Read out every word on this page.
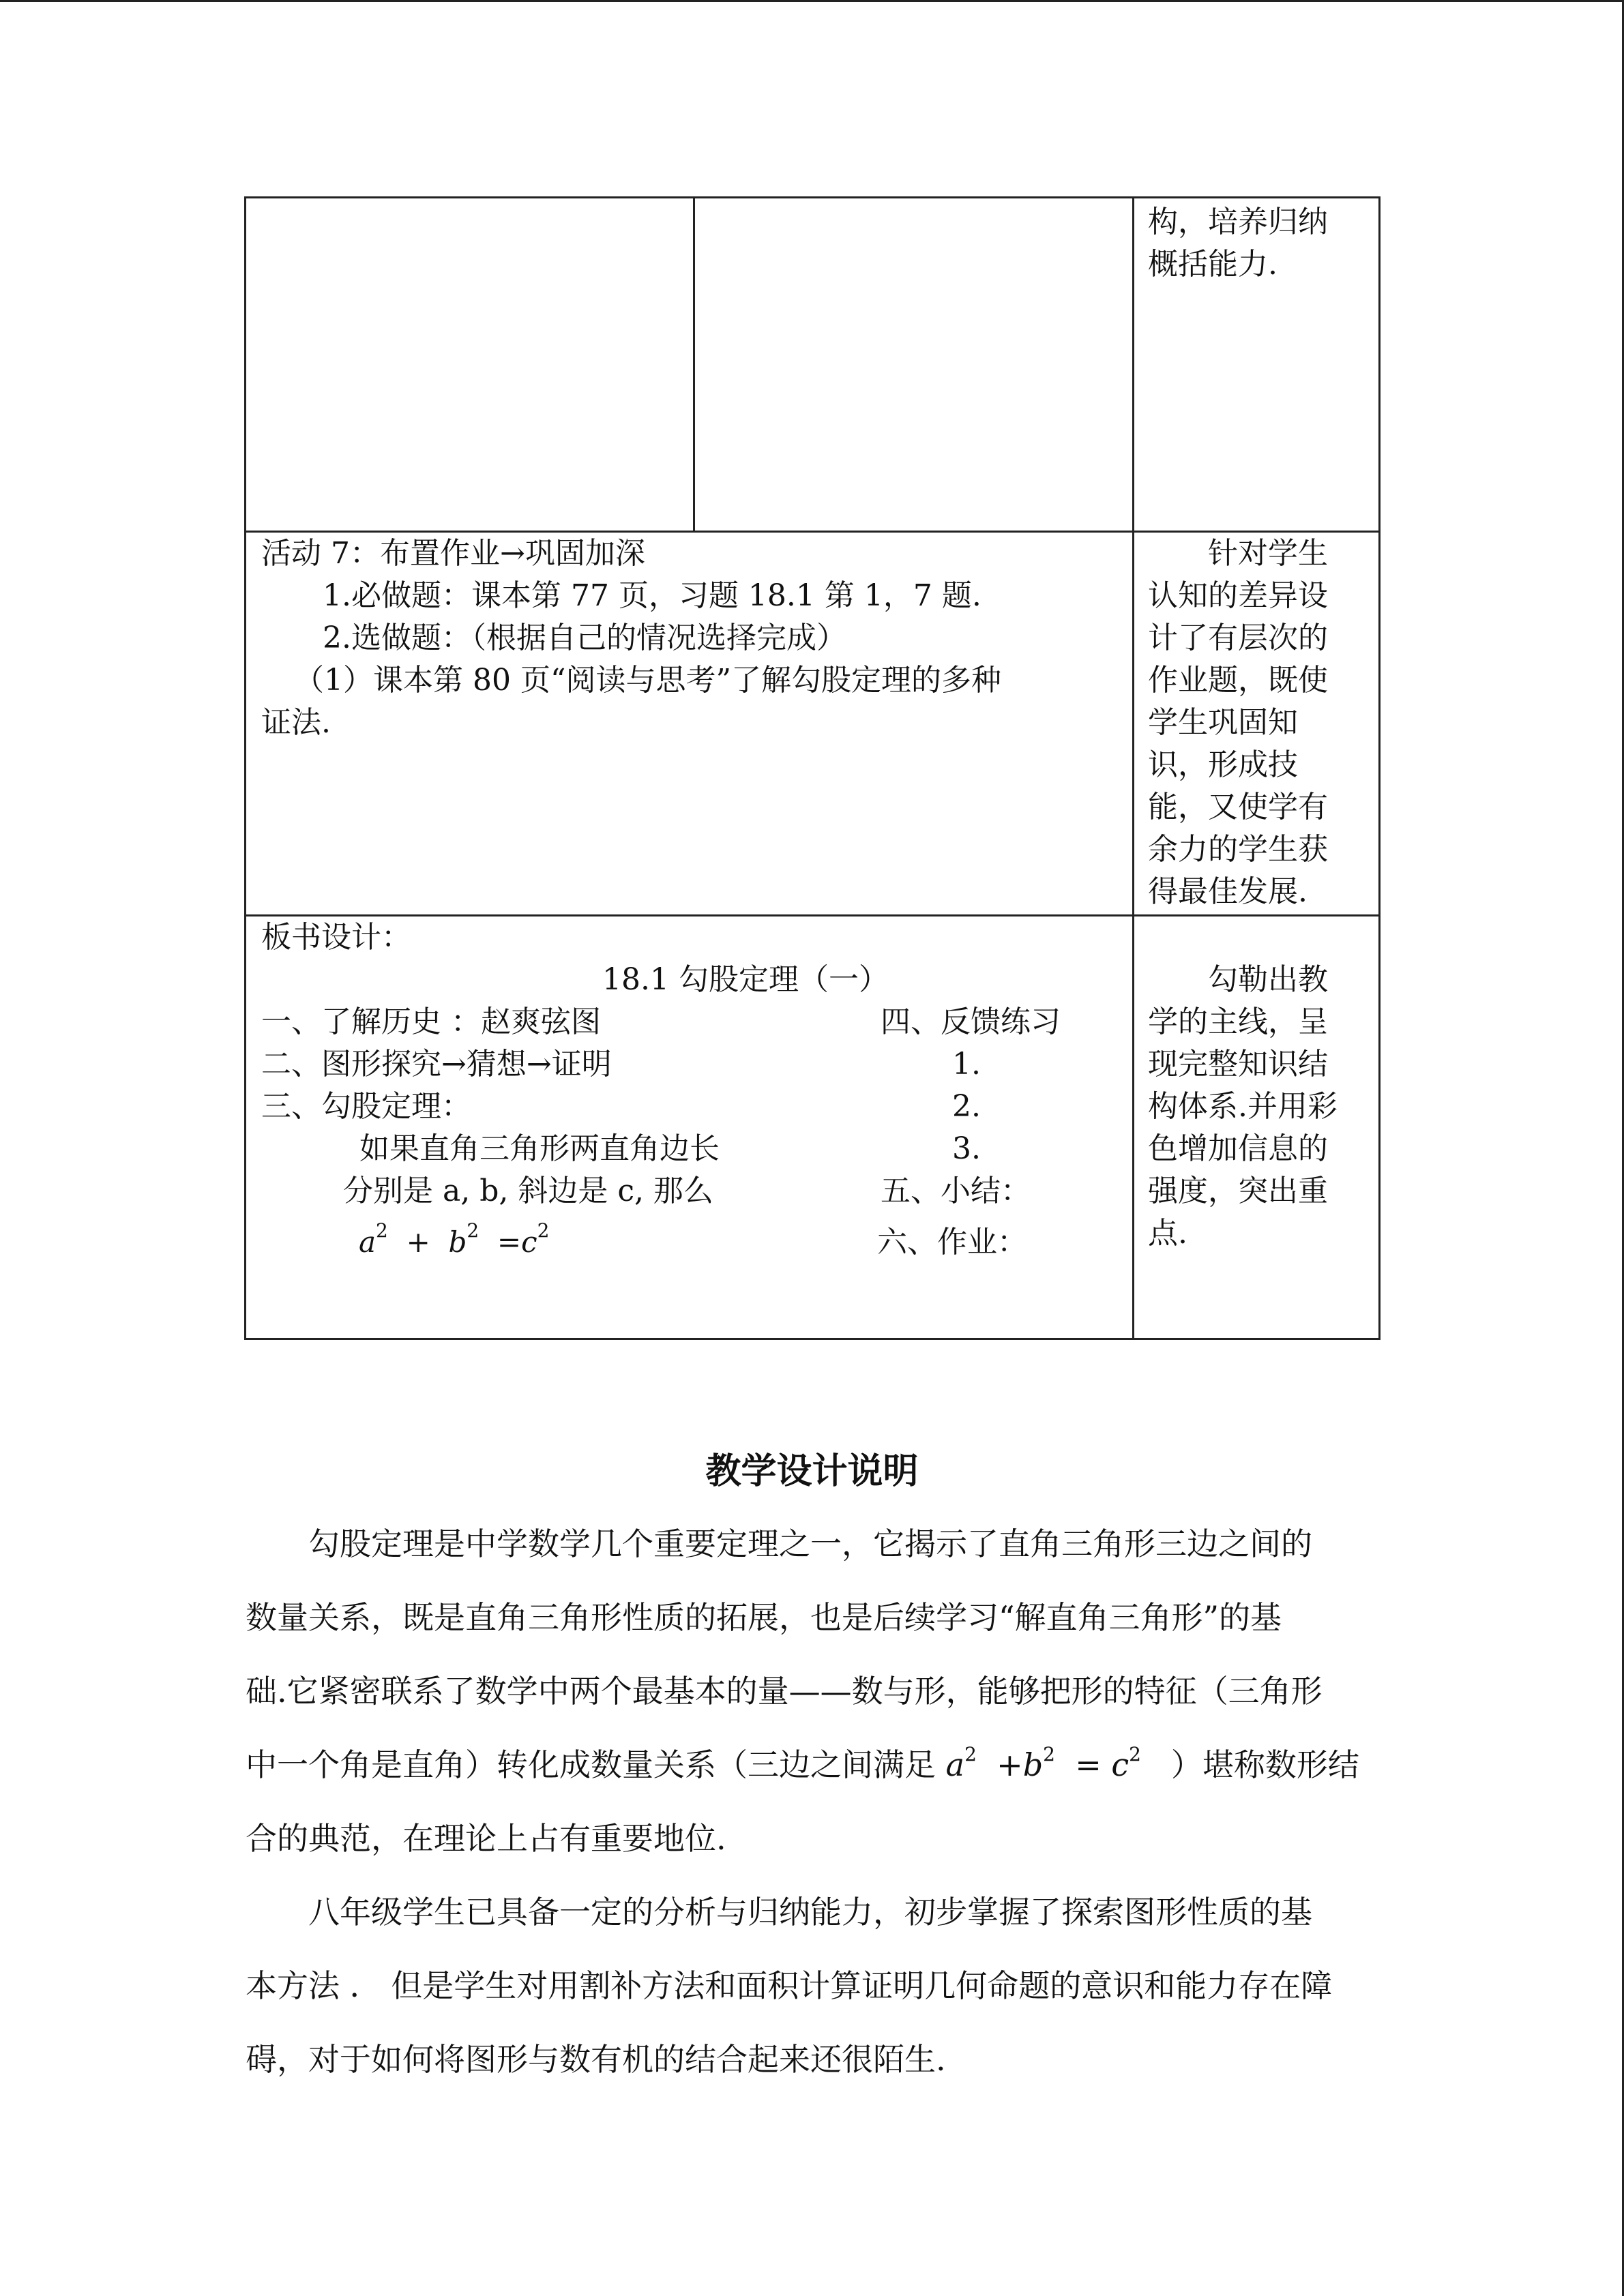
构，培养归纳
概括能力.
活动 7：布置作业→巩固加深
1.必做题：课本第 77 页，习题 18.1 第 1，7 题.
2.选做题：（根据自己的情况选择完成）
（1）课本第 80 页“阅读与思考”了解勾股定理的多种
证法.
针对学生
认知的差异设
计了有层次的
作业题，既使
学生巩固知
识，形成技
能，又使学有
余力的学生获
得最佳发展.
板书设计：
18.1 勾股定理（一）
一、了解历史 ：赵爽弦图
二、图形探究→猜想→证明
三、勾股定理：
如果直角三角形两直角边长
分别是 a, b, 斜边是 c, 那么
$a^2 + b^2 =c^2$
四、反馈练习
1.
2.
3.
五、小结：
六、作业：
勾勒出教
学的主线，呈
现完整知识结
构体系.并用彩
色增加信息的
强度，突出重
点.
教学设计说明
勾股定理是中学数学几个重要定理之一，它揭示了直角三角形三边之间的
数量关系，既是直角三角形性质的拓展，也是后续学习“解直角三角形”的基
础.它紧密联系了数学中两个最基本的量——数与形，能够把形的特征（三角形
中一个角是直角）转化成数量关系（三边之间满足 $a^2 +b^2 = c^2$ ）堪称数形结
合的典范，在理论上占有重要地位.
八年级学生已具备一定的分析与归纳能力，初步掌握了探索图形性质的基
本方法 ． 但是学生对用割补方法和面积计算证明几何命题的意识和能力存在障
碍，对于如何将图形与数有机的结合起来还很陌生.
